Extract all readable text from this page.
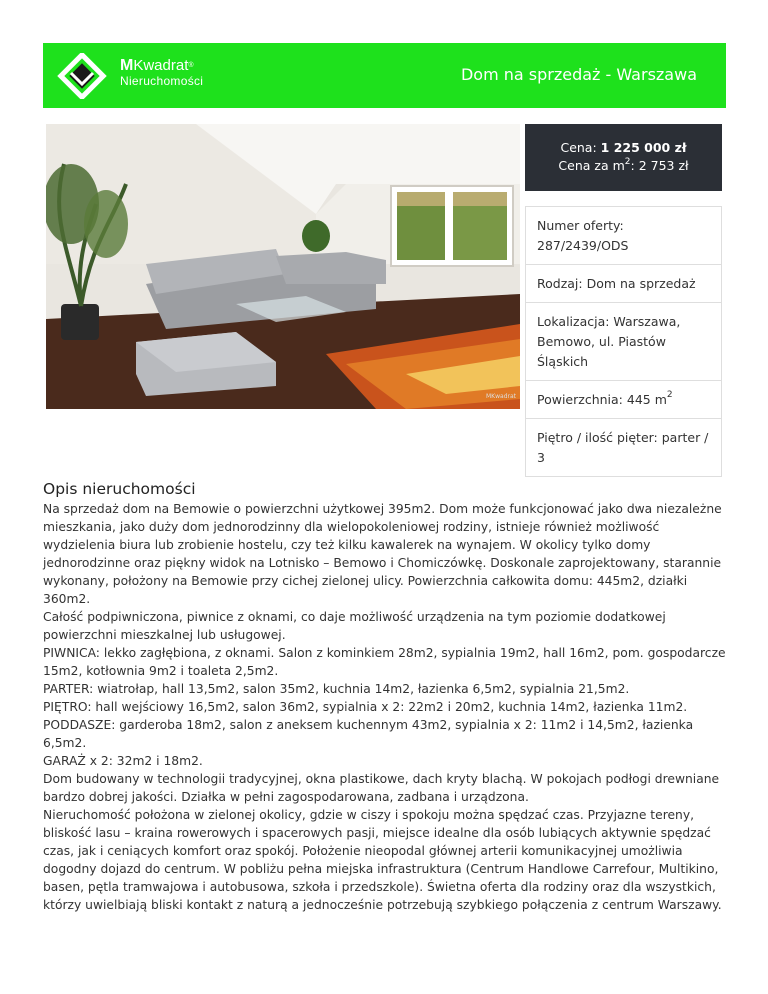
MKwadrat®
Nieruchomości	Dom na sprzedaż - Warszawa
MKwadrat
Cena: 1 225 000 zł
Cena za $m^2$: 2 753 zł
Numer oferty: 287/2439/ODS
Rodzaj: Dom na sprzedaż
Lokalizacja: Warszawa, Bemowo, ul. Piastów Śląskich
Powierzchnia: 445 $m^2$
Piętro / ilość pięter: parter / 3
Opis nieruchomości

Na sprzedaż dom na Bemowie o powierzchni użytkowej 395m2. Dom może funkcjonować jako dwa niezależne mieszkania, jako duży dom jednorodzinny dla wielopokoleniowej rodziny, istnieje również możliwość wydzielenia biura lub zrobienie hostelu, czy też kilku kawalerek na wynajem. W okolicy tylko domy jednorodzinne oraz piękny widok na Lotnisko – Bemowo i Chomiczówkę. Doskonale zaprojektowany, starannie wykonany, położony na Bemowie przy cichej zielonej ulicy. Powierzchnia całkowita domu: 445m2, działki 360m2.

Całość podpiwniczona, piwnice z oknami, co daje możliwość urządzenia na tym poziomie dodatkowej powierzchni mieszkalnej lub usługowej.

PIWNICA: lekko zagłębiona, z oknami. Salon z kominkiem 28m2, sypialnia 19m2, hall 16m2, pom. gospodarcze 15m2, kotłownia 9m2 i toaleta 2,5m2.

PARTER: wiatrołap, hall 13,5m2, salon 35m2, kuchnia 14m2, łazienka 6,5m2, sypialnia 21,5m2.

PIĘTRO: hall wejściowy 16,5m2, salon 36m2, sypialnia x 2: 22m2 i 20m2, kuchnia 14m2, łazienka 11m2.

PODDASZE: garderoba 18m2, salon z aneksem kuchennym 43m2, sypialnia x 2: 11m2 i 14,5m2, łazienka 6,5m2.

GARAŻ x 2: 32m2 i 18m2.

Dom budowany w technologii tradycyjnej, okna plastikowe, dach kryty blachą. W pokojach podłogi drewniane bardzo dobrej jakości. Działka w pełni zagospodarowana, zadbana i urządzona.

Nieruchomość położona w zielonej okolicy, gdzie w ciszy i spokoju można spędzać czas. Przyjazne tereny, bliskość lasu – kraina rowerowych i spacerowych pasji, miejsce idealne dla osób lubiących aktywnie spędzać czas, jak i ceniących komfort oraz spokój. Położenie nieopodal głównej arterii komunikacyjnej umożliwia dogodny dojazd do centrum. W pobliżu pełna miejska infrastruktura (Centrum Handlowe Carrefour, Multikino, basen, pętla tramwajowa i autobusowa, szkoła i przedszkole). Świetna oferta dla rodziny oraz dla wszystkich, którzy uwielbiają bliski kontakt z naturą a jednocześnie potrzebują szybkiego połączenia z centrum Warszawy.
